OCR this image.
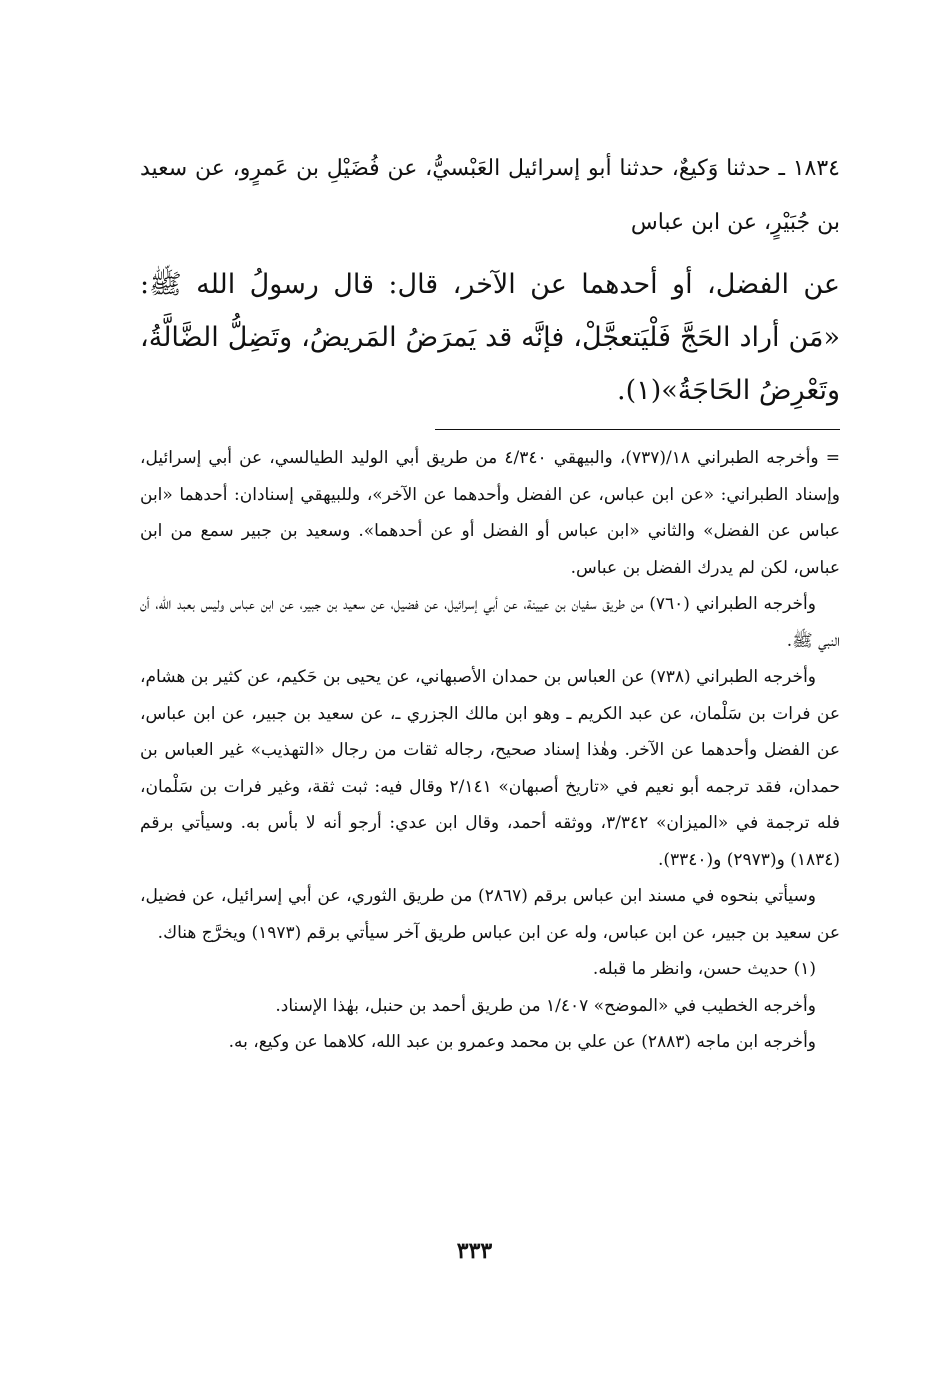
١٨٣٤ ـ حدثنا وَكيعٌ، حدثنا أبو إسرائيل العَبْسيُّ، عن فُضَيْلِ بن عَمرٍو، عن سعيد بن جُبَيْرٍ، عن ابن عباس

عن الفضل، أو أحدهما عن الآخر، قال: قال رسولُ الله ﷺ: «مَن أراد الحَجَّ فَلْيَتعجَّلْ، فإنَّه قد يَمرَضُ المَريضُ، وتَضِلُّ الضَّالَّةُ، وتَعْرِضُ الحَاجَةُ»(١).

= وأخرجه الطبراني ١٨/(٧٣٧)، والبيهقي ٤/٣٤٠ من طريق أبي الوليد الطيالسي، عن أبي إسرائيل، وإسناد الطبراني: «عن ابن عباس، عن الفضل وأحدهما عن الآخر»، وللبيهقي إسنادان: أحدهما «ابن عباس عن الفضل» والثاني «ابن عباس أو الفضل أو عن أحدهما». وسعيد بن جبير سمع من ابن عباس، لكن لم يدرك الفضل بن عباس.

وأخرجه الطبراني (٧٦٠) من طريق سفيان بن عيينة، عن أبي إسرائيل، عن فضيل، عن سعيد بن جبير، عن ابن عباس وليس بعبد الله، أن النبي ﷺ.

وأخرجه الطبراني (٧٣٨) عن العباس بن حمدان الأصبهاني، عن يحيى بن حَكيم، عن كثير بن هشام، عن فرات بن سَلْمان، عن عبد الكريم ـ وهو ابن مالك الجزري ـ، عن سعيد بن جبير، عن ابن عباس، عن الفضل وأحدهما عن الآخر. وهٰذا إسناد صحيح، رجاله ثقات من رجال «التهذيب» غير العباس بن حمدان، فقد ترجمه أبو نعيم في «تاريخ أصبهان» ٢/١٤١ وقال فيه: ثبت ثقة، وغير فرات بن سَلْمان، فله ترجمة في «الميزان» ٣/٣٤٢، ووثقه أحمد، وقال ابن عدي: أرجو أنه لا بأس به. وسيأتي برقم (١٨٣٤) و(٢٩٧٣) و(٣٣٤٠).

وسيأتي بنحوه في مسند ابن عباس برقم (٢٨٦٧) من طريق الثوري، عن أبي إسرائيل، عن فضيل، عن سعيد بن جبير، عن ابن عباس، وله عن ابن عباس طريق آخر سيأتي برقم (١٩٧٣) ويخرَّج هناك.

(١) حديث حسن، وانظر ما قبله.

وأخرجه الخطيب في «الموضح» ١/٤٠٧ من طريق أحمد بن حنبل، بهٰذا الإسناد.

وأخرجه ابن ماجه (٢٨٨٣) عن علي بن محمد وعمرو بن عبد الله، كلاهما عن وكيع، به.

٣٣٣
